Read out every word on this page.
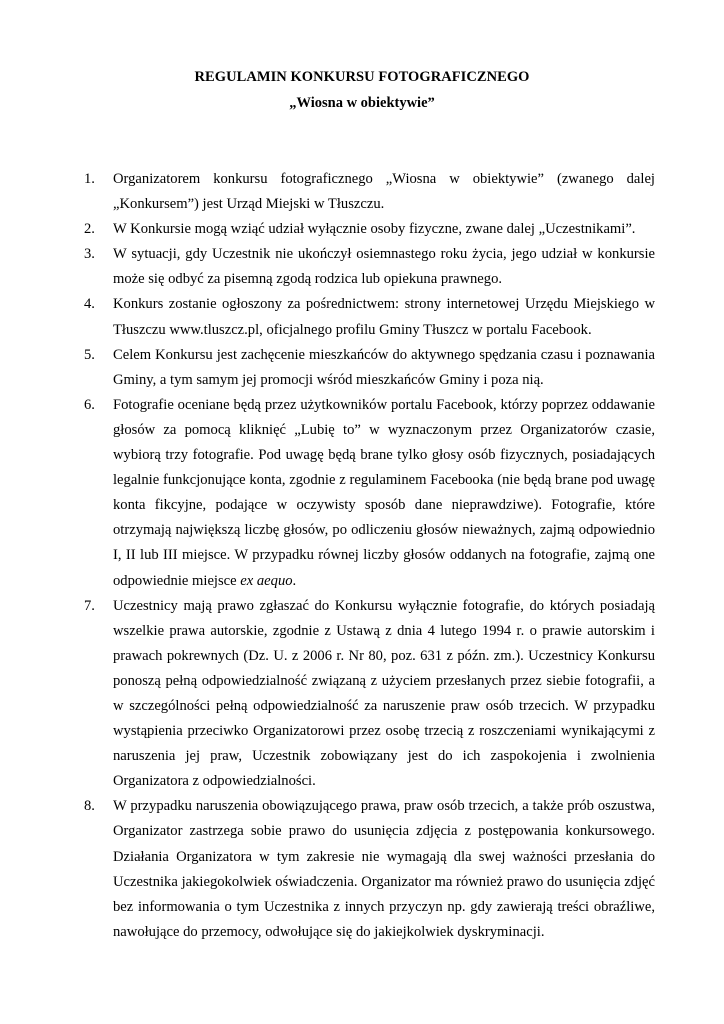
REGULAMIN KONKURSU FOTOGRAFICZNEGO
„Wiosna w obiektywie”
1.	Organizatorem konkursu fotograficznego „Wiosna w obiektywie” (zwanego dalej „Konkursem”) jest Urząd Miejski w Tłuszczu.
2.	W Konkursie mogą wziąć udział wyłącznie osoby fizyczne, zwane dalej „Uczestnikami”.
3.	W sytuacji, gdy Uczestnik nie ukończył osiemnastego roku życia, jego udział w konkursie może się odbyć za pisemną zgodą rodzica lub opiekuna prawnego.
4.	Konkurs zostanie ogłoszony za pośrednictwem: strony internetowej Urzędu Miejskiego w Tłuszczu www.tluszcz.pl, oficjalnego profilu Gminy Tłuszcz w portalu Facebook.
5.	Celem Konkursu jest zachęcenie mieszkańców do aktywnego spędzania czasu i poznawania Gminy, a tym samym jej promocji wśród mieszkańców Gminy i poza nią.
6.	Fotografie oceniane będą przez użytkowników portalu Facebook, którzy poprzez oddawanie głosów za pomocą kliknięć „Lubię to” w wyznaczonym przez Organizatorów czasie, wybiorą trzy fotografie. Pod uwagę będą brane tylko głosy osób fizycznych, posiadających legalnie funkcjonujące konta, zgodnie z regulaminem Facebooka (nie będą brane pod uwagę konta fikcyjne, podające w oczywisty sposób dane nieprawdziwe). Fotografie, które otrzymają największą liczbę głosów, po odliczeniu głosów nieważnych, zajmą odpowiednio I, II lub III miejsce. W przypadku równej liczby głosów oddanych na fotografie, zajmą one odpowiednie miejsce ex aequo.
7.	Uczestnicy mają prawo zgłaszać do Konkursu wyłącznie fotografie, do których posiadają wszelkie prawa autorskie, zgodnie z Ustawą z dnia 4 lutego 1994 r. o prawie autorskim i prawach pokrewnych (Dz. U. z 2006 r. Nr 80, poz. 631 z późn. zm.). Uczestnicy Konkursu ponoszą pełną odpowiedzialność związaną z użyciem przesłanych przez siebie fotografii, a w szczególności pełną odpowiedzialność za naruszenie praw osób trzecich. W przypadku wystąpienia przeciwko Organizatorowi przez osobę trzecią z roszczeniami wynikającymi z naruszenia jej praw, Uczestnik zobowiązany jest do ich zaspokojenia i zwolnienia Organizatora z odpowiedzialności.
8.	W przypadku naruszenia obowiązującego prawa, praw osób trzecich, a także prób oszustwa, Organizator zastrzega sobie prawo do usunięcia zdjęcia z postępowania konkursowego. Działania Organizatora w tym zakresie nie wymagają dla swej ważności przesłania do Uczestnika jakiegokolwiek oświadczenia. Organizator ma również prawo do usunięcia zdjęć bez informowania o tym Uczestnika z innych przyczyn np. gdy zawierają treści obraźliwe, nawołujące do przemocy, odwołujące się do jakiejkolwiek dyskryminacji.
